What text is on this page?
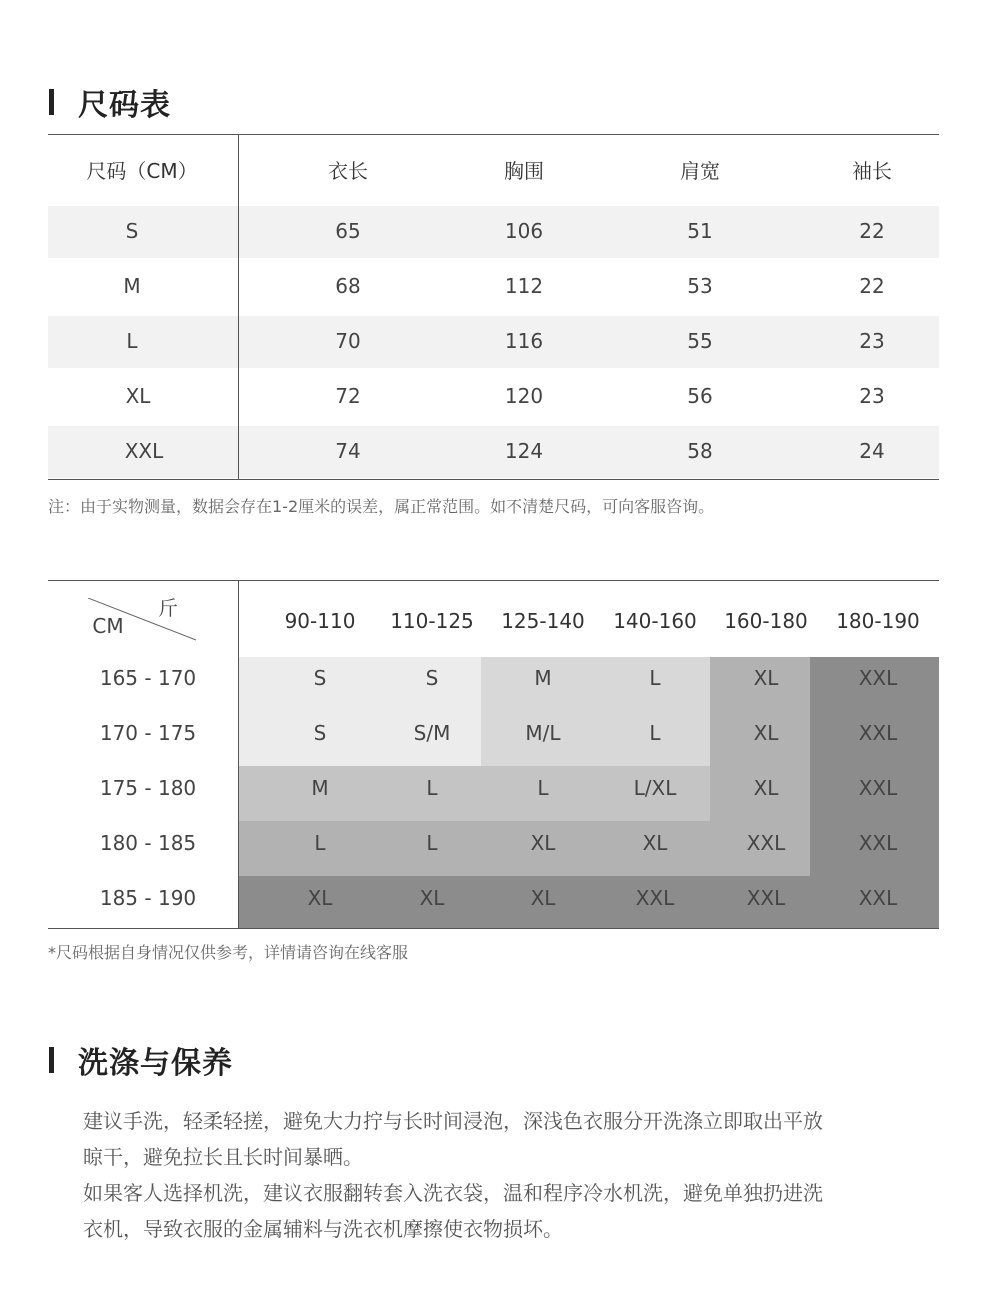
尺码表
尺码（CM）	衣长	胸围	肩宽	袖长
S	65	106	51	22
M	68	112	53	22
L	70	116	55	23
XL	72	120	56	23
XXL	74	124	58	24
注：由于实物测量，数据会存在1-2厘米的误差，属正常范围。如不清楚尺码，可向客服咨询。
斤
CM	90-110 110-125 125-140 140-160 160-180 180-190
165 - 170	S	S	M	L	XL	XXL
170 - 175	S	S/M	M/L	L	XL	XXL
175 - 180	M	L	L	L/XL	XL	XXL
180 - 185	L	L	XL	XL	XXL	XXL
185 - 190	XL	XL	XL	XXL	XXL	XXL
*尺码根据自身情况仅供参考，详情请咨询在线客服
洗涤与保养

建议手洗，轻柔轻搓，避免大力拧与长时间浸泡，深浅色衣服分开洗涤立即取出平放

晾干，避免拉长且长时间暴晒。

如果客人选择机洗，建议衣服翻转套入洗衣袋，温和程序冷水机洗，避免单独扔进洗

衣机，导致衣服的金属辅料与洗衣机摩擦使衣物损坏。
